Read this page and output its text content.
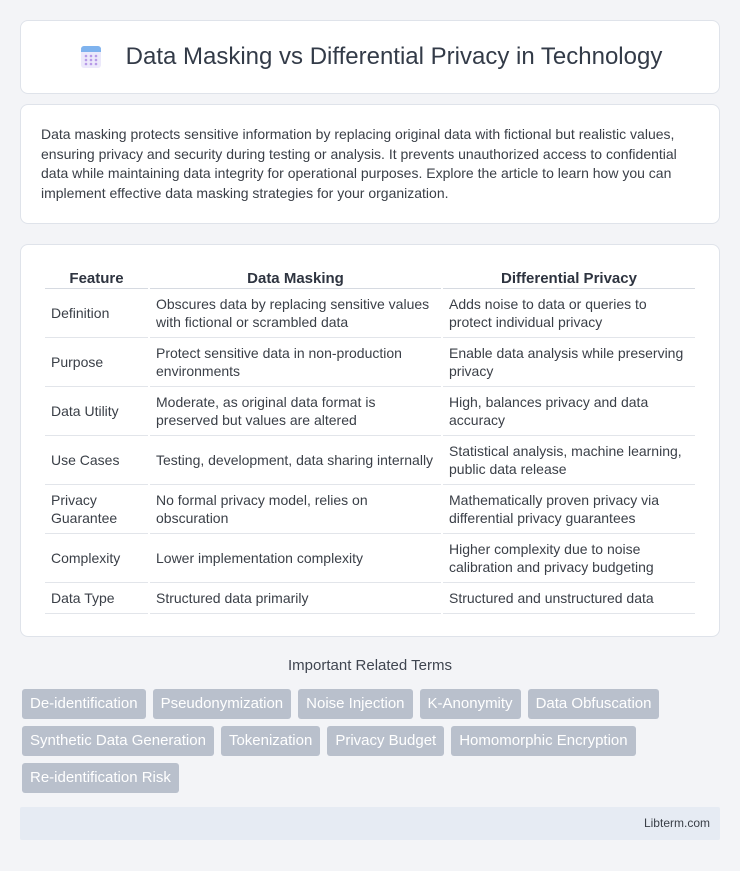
Data Masking vs Differential Privacy in Technology

Data masking protects sensitive information by replacing original data with fictional but realistic values, ensuring privacy and security during testing or analysis. It prevents unauthorized access to confidential data while maintaining data integrity for operational purposes. Explore the article to learn how you can implement effective data masking strategies for your organization.

Feature	Data Masking	Differential Privacy
Definition	Obscures data by replacing sensitive values with fictional or scrambled data	Adds noise to data or queries to protect individual privacy
Purpose	Protect sensitive data in non-production environments	Enable data analysis while preserving privacy
Data Utility	Moderate, as original data format is preserved but values are altered	High, balances privacy and data accuracy
Use Cases	Testing, development, data sharing internally	Statistical analysis, machine learning, public data release
Privacy Guarantee	No formal privacy model, relies on obscuration	Mathematically proven privacy via differential privacy guarantees
Complexity	Lower implementation complexity	Higher complexity due to noise calibration and privacy budgeting
Data Type	Structured data primarily	Structured and unstructured data
Important Related Terms
De-identification	Pseudonymization	Noise Injection	K-Anonymity	Data Obfuscation
Synthetic Data Generation	Tokenization	Privacy Budget	Homomorphic Encryption
Re-identification Risk
Libterm.com
